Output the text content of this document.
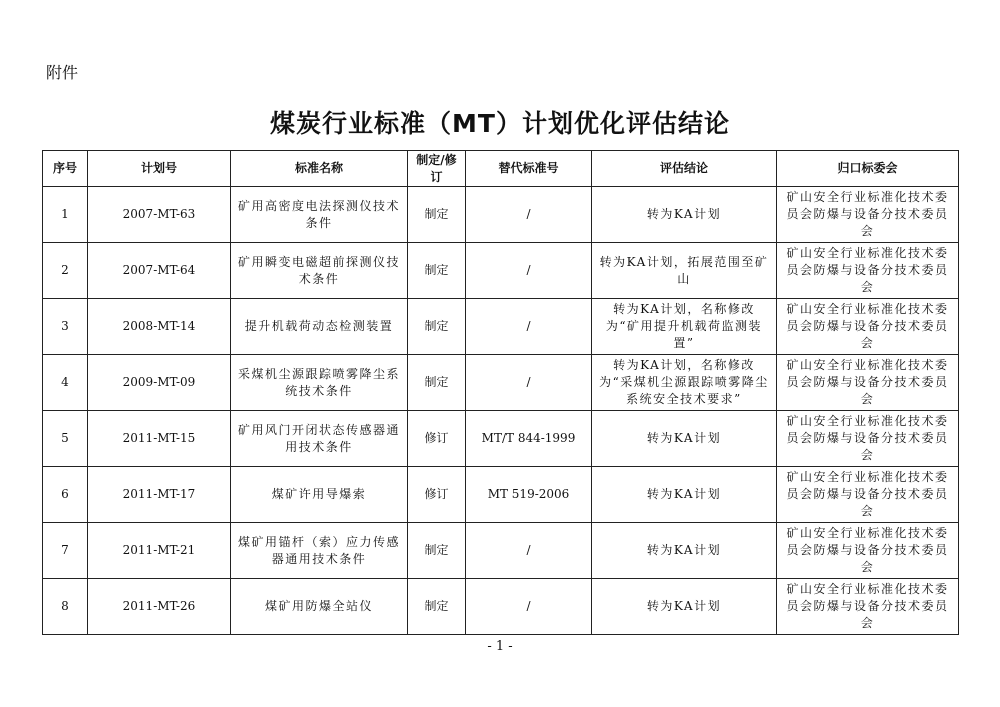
附件
煤炭行业标准（MT）计划优化评估结论
序号	计划号	标准名称	制定/修订	替代标准号	评估结论	归口标委会
1	2007-MT-63	矿用高密度电法探测仪技术条件	制定	/	转为KA计划	矿山安全行业标准化技术委员会防爆与设备分技术委员会
2	2007-MT-64	矿用瞬变电磁超前探测仪技术条件	制定	/	转为KA计划，拓展范围至矿山	矿山安全行业标准化技术委员会防爆与设备分技术委员会
3	2008-MT-14	提升机载荷动态检测装置	制定	/	转为KA计划，名称修改为“矿用提升机载荷监测装置”	矿山安全行业标准化技术委员会防爆与设备分技术委员会
4	2009-MT-09	采煤机尘源跟踪喷雾降尘系统技术条件	制定	/	转为KA计划，名称修改为“采煤机尘源跟踪喷雾降尘系统安全技术要求”	矿山安全行业标准化技术委员会防爆与设备分技术委员会
5	2011-MT-15	矿用风门开闭状态传感器通用技术条件	修订	MT/T 844-1999	转为KA计划	矿山安全行业标准化技术委员会防爆与设备分技术委员会
6	2011-MT-17	煤矿许用导爆索	修订	MT 519-2006	转为KA计划	矿山安全行业标准化技术委员会防爆与设备分技术委员会
7	2011-MT-21	煤矿用锚杆（索）应力传感器通用技术条件	制定	/	转为KA计划	矿山安全行业标准化技术委员会防爆与设备分技术委员会
8	2011-MT-26	煤矿用防爆全站仪	制定	/	转为KA计划	矿山安全行业标准化技术委员会防爆与设备分技术委员会
- 1 -
